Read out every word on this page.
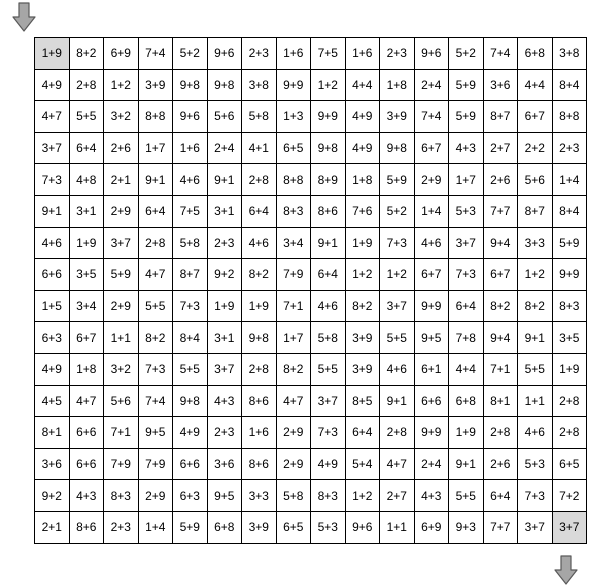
1+9	8+2	6+9	7+4	5+2	9+6	2+3	1+6	7+5	1+6	2+3	9+6	5+2	7+4	6+8	3+8
4+9	2+8	1+2	3+9	9+8	9+8	3+8	9+9	1+2	4+4	1+8	2+4	5+9	3+6	4+4	8+4
4+7	5+5	3+2	8+8	9+6	5+6	5+8	1+3	9+9	4+9	3+9	7+4	5+9	8+7	6+7	8+8
3+7	6+4	2+6	1+7	1+6	2+4	4+1	6+5	9+8	4+9	9+8	6+7	4+3	2+7	2+2	2+3
7+3	4+8	2+1	9+1	4+6	9+1	2+8	8+8	8+9	1+8	5+9	2+9	1+7	2+6	5+6	1+4
9+1	3+1	2+9	6+4	7+5	3+1	6+4	8+3	8+6	7+6	5+2	1+4	5+3	7+7	8+7	8+4
4+6	1+9	3+7	2+8	5+8	2+3	4+6	3+4	9+1	1+9	7+3	4+6	3+7	9+4	3+3	5+9
6+6	3+5	5+9	4+7	8+7	9+2	8+2	7+9	6+4	1+2	1+2	6+7	7+3	6+7	1+2	9+9
1+5	3+4	2+9	5+5	7+3	1+9	1+9	7+1	4+6	8+2	3+7	9+9	6+4	8+2	8+2	8+3
6+3	6+7	1+1	8+2	8+4	3+1	9+8	1+7	5+8	3+9	5+5	9+5	7+8	9+4	9+1	3+5
4+9	1+8	3+2	7+3	5+5	3+7	2+8	8+2	5+5	3+9	4+6	6+1	4+4	7+1	5+5	1+9
4+5	4+7	5+6	7+4	9+8	4+3	8+6	4+7	3+7	8+5	9+1	6+6	6+8	8+1	1+1	2+8
8+1	6+6	7+1	9+5	4+9	2+3	1+6	2+9	7+3	6+4	2+8	9+9	1+9	2+8	4+6	2+8
3+6	6+6	7+9	7+9	6+6	3+6	8+6	2+9	4+9	5+4	4+7	2+4	9+1	2+6	5+3	6+5
9+2	4+3	8+3	2+9	6+3	9+5	3+3	5+8	8+3	1+2	2+7	4+3	5+5	6+4	7+3	7+2
2+1	8+6	2+3	1+4	5+9	6+8	3+9	6+5	5+3	9+6	1+1	6+9	9+3	7+7	3+7	3+7
